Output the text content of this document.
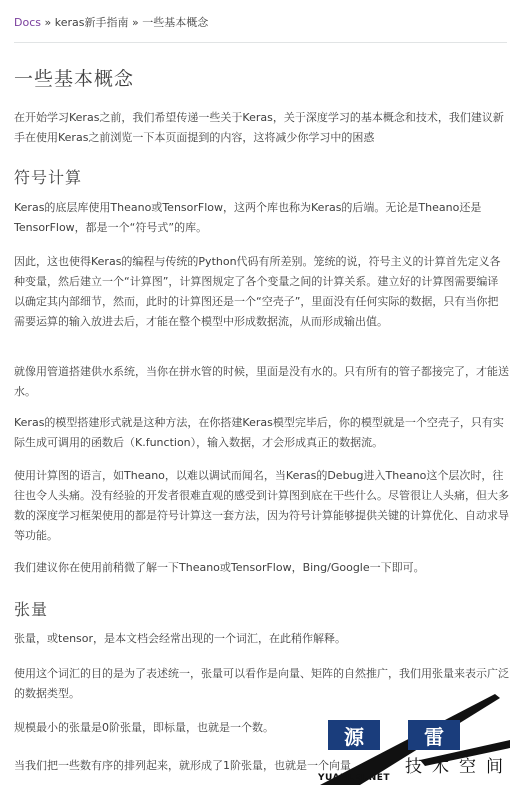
Docs » keras新手指南 » 一些基本概念
一些基本概念

在开始学习Keras之前，我们希望传递一些关于Keras，关于深度学习的基本概念和技术，我们建议新手在使用Keras之前浏览一下本页面提到的内容，这将减少你学习中的困惑

符号计算

Keras的底层库使用Theano或TensorFlow，这两个库也称为Keras的后端。无论是Theano还是TensorFlow，都是一个“符号式”的库。

因此，这也使得Keras的编程与传统的Python代码有所差别。笼统的说，符号主义的计算首先定义各种变量，然后建立一个“计算图”，计算图规定了各个变量之间的计算关系。建立好的计算图需要编译以确定其内部细节，然而，此时的计算图还是一个“空壳子”，里面没有任何实际的数据，只有当你把需要运算的输入放进去后，才能在整个模型中形成数据流，从而形成输出值。

就像用管道搭建供水系统，当你在拼水管的时候，里面是没有水的。只有所有的管子都接完了，才能送水。

Keras的模型搭建形式就是这种方法，在你搭建Keras模型完毕后，你的模型就是一个空壳子，只有实际生成可调用的函数后（K.function），输入数据，才会形成真正的数据流。

使用计算图的语言，如Theano，以难以调试而闻名，当Keras的Debug进入Theano这个层次时，往往也令人头痛。没有经验的开发者很难直观的感受到计算图到底在干些什么。尽管很让人头痛，但大多数的深度学习框架使用的都是符号计算这一套方法，因为符号计算能够提供关键的计算优化、自动求导等功能。

我们建议你在使用前稍微了解一下Theano或TensorFlow，Bing/Google一下即可。

张量

张量，或tensor，是本文档会经常出现的一个词汇，在此稍作解释。

使用这个词汇的目的是为了表述统一，张量可以看作是向量、矩阵的自然推广，我们用张量来表示广泛的数据类型。

规模最小的张量是0阶张量，即标量，也就是一个数。

当我们把一些数有序的排列起来，就形成了1阶张量，也就是一个向量

源	雷
技术空间
YUANLEI.NET
